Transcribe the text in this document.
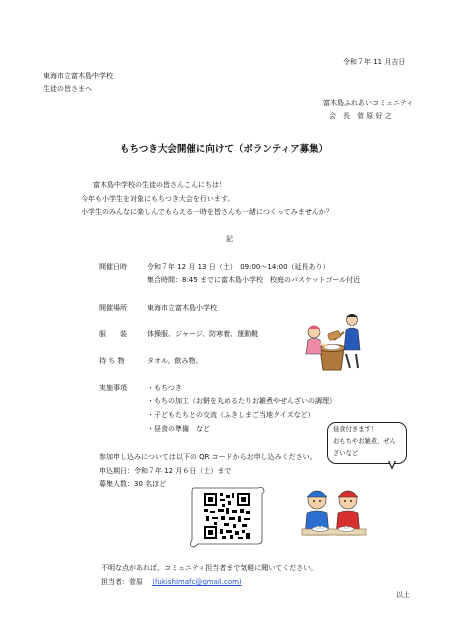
令和７年 11 月吉日
東海市立富木島中学校
生徒の皆さまへ
富木島ふれあいコミュニティ
会　長　菅 原 好 之
もちつき大会開催に向けて（ボランティア募集）
富木島中学校の生徒の皆さんこんにちは！
今年も小学生を対象にもちつき大会を行います。
小学生のみんなに楽しんでもらえる一時を皆さんも一緒につくってみませんか？
記
開催日時	令和７年 12 月 13 日（土）　09:00～14:00（延長あり）
集合時間：8:45 までに富木島小学校　校庭のバスケットゴール付近
開催場所	東海市立富木島小学校
服　　装	体操服、ジャージ、防寒着、運動靴
持 ち 物	タオル、飲み物、
実施事項	・もちつき
・もちの加工（お餅を丸めるたりお雑煮やぜんざいの調理）
・子どもたちとの交流（ふきしまご当地クイズなど）
・昼食の準備　など	昼食付きます！
おもちやお雑煮、ぜん
ざいなど
参加申し込みについては以下の QR コードからお申し込みください。
申込期日：令和７年 12 月６日（土）まで
募集人数：30 名ほど
不明な点があれば、コミュニティ担当者まで気軽に聞いてください。
担当者：菅原　 (fukishimafc@gmail.com)
以上
